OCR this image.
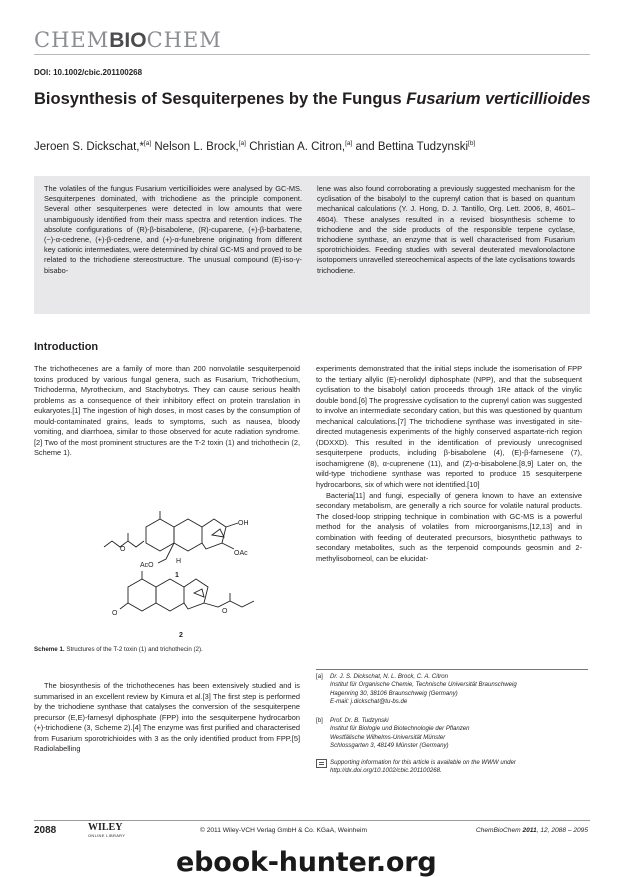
CHEMBIOCHEM
DOI: 10.1002/cbic.201100268
Biosynthesis of Sesquiterpenes by the Fungus Fusarium verticillioides
Jeroen S. Dickschat,*[a] Nelson L. Brock,[a] Christian A. Citron,[a] and Bettina Tudzynski[b]

The volatiles of the fungus Fusarium verticillioides were analysed by GC-MS. Sesquiterpenes dominated, with trichodiene as the principle component. Several other sesquiterpenes were detected in low amounts that were unambiguously identified from their mass spectra and retention indices. The absolute configurations of (R)-β-bisabolene, (R)-cuparene, (+)-β-barbatene, (−)-α-cedrene, (+)-β-cedrene, and (+)-α-funebrene originating from different key cationic intermediates, were determined by chiral GC-MS and proved to be related to the trichodiene stereostructure. The unusual compound (E)-iso-γ-bisabo-

lene was also found corroborating a previously suggested mechanism for the cyclisation of the bisabolyl to the cuprenyl cation that is based on quantum mechanical calculations (Y. J. Hong, D. J. Tantillo, Org. Lett. 2006, 8, 4601–4604). These analyses resulted in a revised biosynthesis scheme to trichodiene and the side products of the responsible terpene cyclase, trichodiene synthase, an enzyme that is well characterised from Fusarium sporotrichioides. Feeding studies with several deuterated mevalonolactone isotopomers unravelled stereochemical aspects of the late cyclisations towards trichodiene.

Introduction

The trichothecenes are a family of more than 200 nonvolatile sesquiterpenoid toxins produced by various fungal genera, such as Fusarium, Trichothecium, Trichoderma, Myrothecium, and Stachybotrys. They can cause serious health problems as a consequence of their inhibitory effect on protein translation in eukaryotes.[1] The ingestion of high doses, in most cases by the consumption of mould-contaminated grains, leads to symptoms, such as nausea, bloody vomiting, and diarrhoea, similar to those observed for acute radiation syndrome.[2] Two of the most prominent structures are the T-2 toxin (1) and trichothecin (2, Scheme 1).

OH
OAc
AcO
O
O
H
O
1
2

Scheme 1. Structures of the T-2 toxin (1) and trichothecin (2).

The biosynthesis of the trichothecenes has been extensively studied and is summarised in an excellent review by Kimura et al.[3] The first step is performed by the trichodiene synthase that catalyses the conversion of the sesquiterpene precursor (E,E)-farnesyl diphosphate (FPP) into the sesquiterpene hydrocarbon (+)-trichodiene (3, Scheme 2).[4] The enzyme was first purified and characterised from Fusarium sporotrichioides with 3 as the only identified product from FPP.[5] Radiolabelling

experiments demonstrated that the initial steps include the isomerisation of FPP to the tertiary allylic (E)-nerolidyl diphosphate (NPP), and that the subsequent cyclisation to the bisabolyl cation proceeds through 1Re attack of the vinylic double bond.[6] The progressive cyclisation to the cuprenyl cation was suggested to involve an intermediate secondary cation, but this was questioned by quantum mechanical calculations.[7] The trichodiene synthase was investigated in site-directed mutagenesis experiments of the highly conserved aspartate-rich region (DDXXD). This resulted in the identification of previously unrecognised sesquiterpene products, including β-bisabolene (4), (E)-β-farnesene (7), isochamigrene (8), α-cuprenene (11), and (Z)-α-bisabolene.[8,9] Later on, the wild-type trichodiene synthase was reported to produce 15 sesquiterpene hydrocarbons, six of which were not identified.[10]

Bacteria[11] and fungi, especially of genera known to have an extensive secondary metabolism, are generally a rich source for volatile natural products. The closed-loop stripping technique in combination with GC-MS is a powerful method for the analysis of volatiles from microorganisms,[12,13] and in combination with feeding of deuterated precursors, biosynthetic pathways to secondary metabolites, such as the terpenoid compounds geosmin and 2-methylisoborneol, can be elucidat-

[a] Dr. J. S. Dickschat, N. L. Brock, C. A. Citron
Institut für Organische Chemie, Technische Universität Braunschweig
Hagenring 30, 38106 Braunschweig (Germany)
E-mail: j.dickschat@tu-bs.de
[b] Prof. Dr. B. Tudzynski
Institut für Biologie und Biotechnologie der Pflanzen
Westfälische Wilhelms-Universität Münster
Schlossgarten 3, 48149 Münster (Germany)
Supporting information for this article is available on the WWW under http://dx.doi.org/10.1002/cbic.201100268.
2088	WILEY
ONLINE LIBRARY
© 2011 Wiley-VCH Verlag GmbH & Co. KGaA, Weinheim	ChemBioChem 2011, 12, 2088 – 2095
ebook-hunter.org
